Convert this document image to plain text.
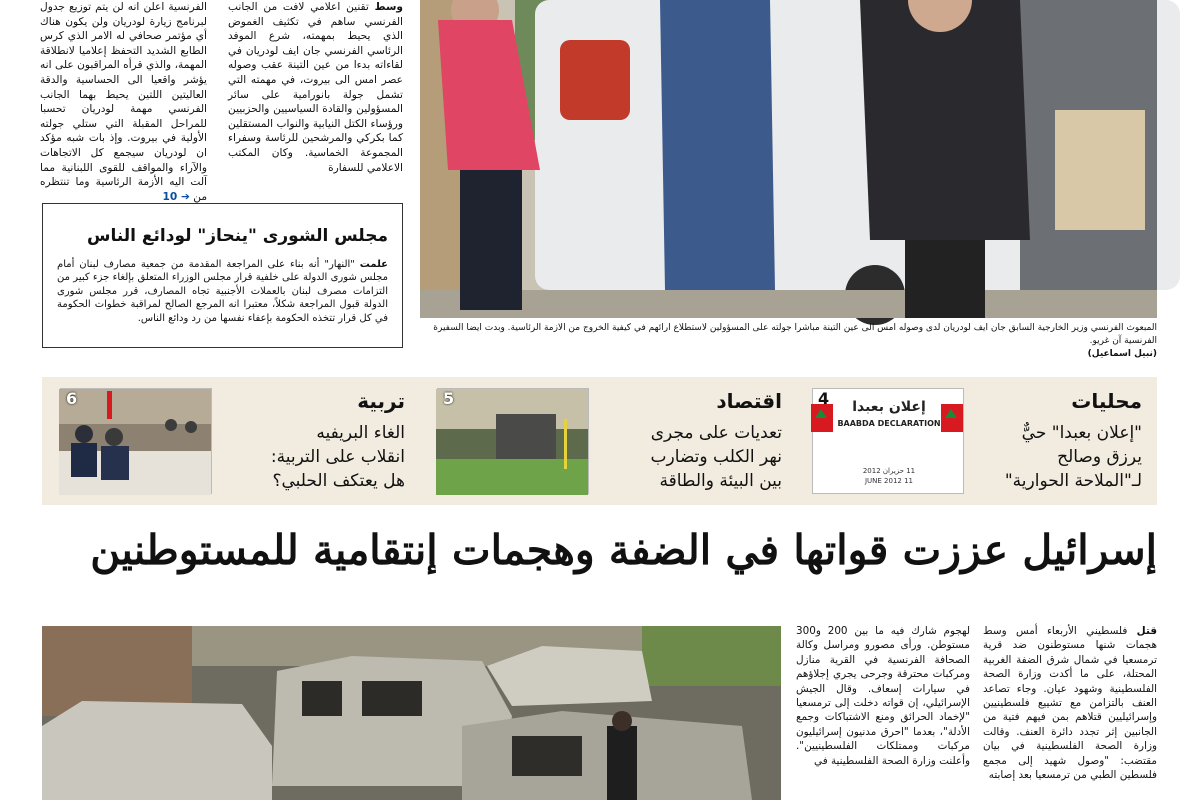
الفرنسية اعلن انه لن يتم توزيع جدول لبرنامج زيارة لودريان ولن يكون هناك أي مؤتمر صحافي له الامر الذي كرس الطابع الشديد التحفظ إعلاميا لانطلاقة المهمة، والذي قرأه المراقبون على انه يؤشر واقعيا الى الحساسية والدقة العاليتين اللتين يحيط بهما الجانب الفرنسي مهمة لودريان تحسبا للمراحل المقبلة التي ستلي جولته الأولية في بيروت. وإذ بات شبه مؤكد ان لودريان سيجمع كل الاتجاهات والآراء والمواقف للقوى اللبنانية مما آلت اليه الأزمة الرئاسية وما تنتظره من ➔ 10
وسط تقنين اعلامي لافت من الجانب الفرنسي ساهم في تكثيف الغموض الذي يحيط بمهمته، شرع الموفد الرئاسي الفرنسي جان ايف لودريان في لقاءاته بدءا من عين التينة عقب وصوله عصر امس الى بيروت، في مهمته التي تشمل جولة بانورامية على سائر المسؤولين والقادة السياسيين والحزبيين ورؤساء الكتل النيابية والنواب المستقلين كما بكركي والمرشحين للرئاسة وسفراء المجموعة الخماسية. وكان المكتب الاعلامي للسفارة
مجلس الشورى "ينحاز" لودائع الناس

علمت "النهار" أنه بناء على المراجعة المقدمة من جمعية مصارف لبنان أمام مجلس شورى الدولة على خلفية قرار مجلس الوزراء المتعلق بإلغاء جزء كبير من التزامات مصرف لبنان بالعملات الأجنبية تجاه المصارف، قرر مجلس شورى الدولة قبول المراجعة شكلاً، معتبرا انه المرجع الصالح لمراقبة خطوات الحكومة في كل قرار تتخذه الحكومة بإعفاء نفسها من رد ودائع الناس.

المبعوث الفرنسي وزير الخارجية السابق جان ايف لودريان لدى وصوله امس الى عين التينة مباشرا جولته على المسؤولين لاستطلاع ارائهم في كيفية الخروج من الازمة الرئاسية. وبدت ايضا السفيرة الفرنسية آن غريو.
(نبيل اسماعيل)
محليات
"إعلان بعبدا" حيٌّ
يرزق وصالح
لـ"الملاحة الحوارية"
إعلان بعبدا
BAABDA DECLARATION
11 حزيران 2012
11 JUNE 2012
4
اقتصاد
تعديات على مجرى
نهر الكلب وتضارب
بين البيئة والطاقة
5
تربية
الغاء البريفيه
انقلاب على التربية:
هل يعتكف الحلبي؟
6
إسرائيل عززت قواتها في الضفة وهجمات إنتقامية للمستوطنين
قتل فلسطيني الأربعاء أمس وسط هجمات شنها مستوطنون ضد قرية ترمسعيا في شمال شرق الضفة الغربية المحتلة، على ما أكدت وزارة الصحة الفلسطينية وشهود عيان. وجاء تصاعد العنف بالتزامن مع تشييع فلسطينيين وإسرائيليين قتلاهم بمن فيهم فتية من الجانبين إثر تجدد دائرة العنف. وقالت وزارة الصحة الفلسطينية في بيان مقتضب: "وصول شهيد إلى مجمع فلسطين الطبي من ترمسعيا بعد إصابته
لهجوم شارك فيه ما بين 200 و300 مستوطن. ورأى مصورو ومراسل وكالة الصحافة الفرنسية في القرية منازل ومركبات محترقة وجرحى يجري إجلاؤهم في سيارات إسعاف. وقال الجيش الإسرائيلي، إن قواته دخلت إلى ترمسعيا "لإخماد الحرائق ومنع الاشتباكات وجمع الأدلة"، بعدما "احرق مدنيون إسرائيليون مركبات وممتلكات الفلسطينيين". وأعلنت وزارة الصحة الفلسطينية في
